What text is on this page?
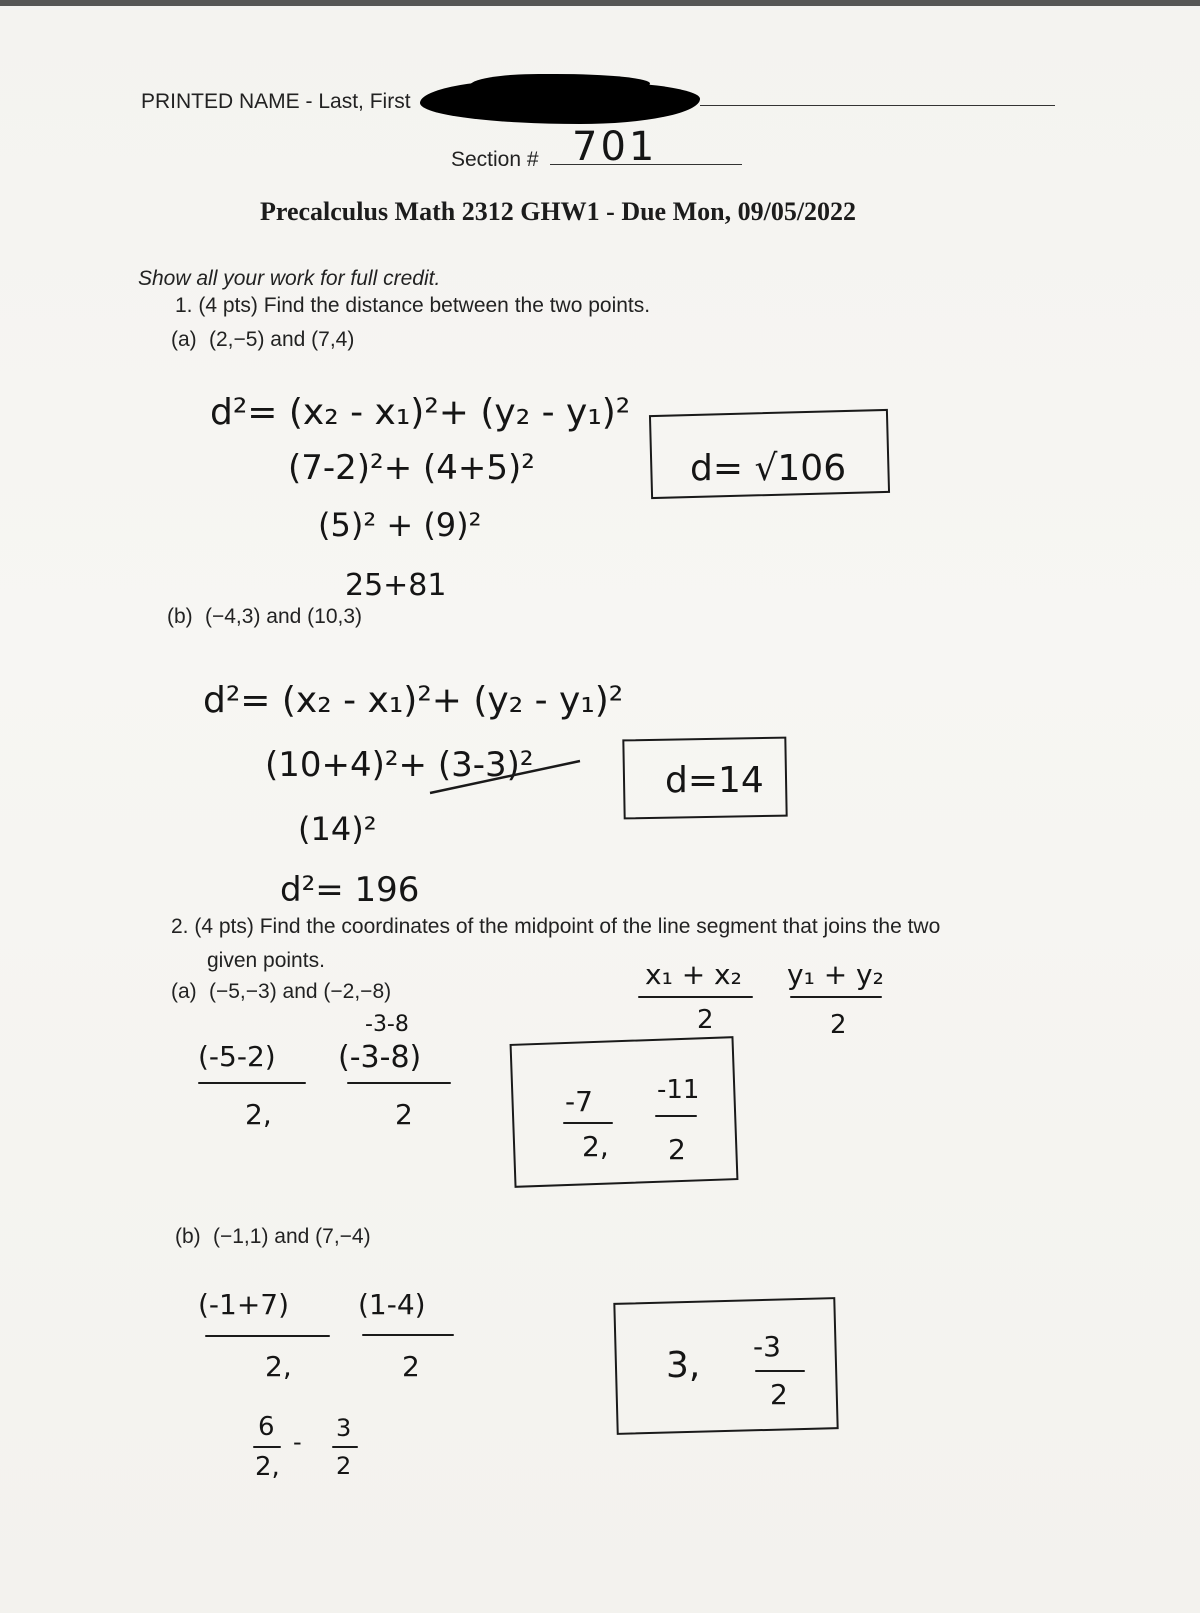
PRINTED NAME - Last, First
Section # 701
Precalculus Math 2312 GHW1 - Due Mon, 09/05/2022
Show all your work for full credit.
1. (4 pts) Find the distance between the two points.
(a) (2,−5) and (7,4)
d²= (x₂ - x₁)²+ (y₂ - y₁)²
(7-2)²+ (4+5)²
(5)² + (9)²
25+81
d= √106
(b) (−4,3) and (10,3)
d²= (x₂ - x₁)²+ (y₂ - y₁)²
(10+4)²+ (3-3)²
(14)²
d²= 196
d=14
2. (4 pts) Find the coordinates of the midpoint of the line segment that joins the two
given points.	x₁ + x₂
2
y₁ + y₂
2
(a) (−5,−3) and (−2,−8)
-3-8
(-5-2)
2,
(-3-8)
2	-7
2,
-11
2
(b) (−1,1) and (7,−4)
(-1+7)
2,
(1-4)
2
6
2,
- 3
2
3, -3
2
